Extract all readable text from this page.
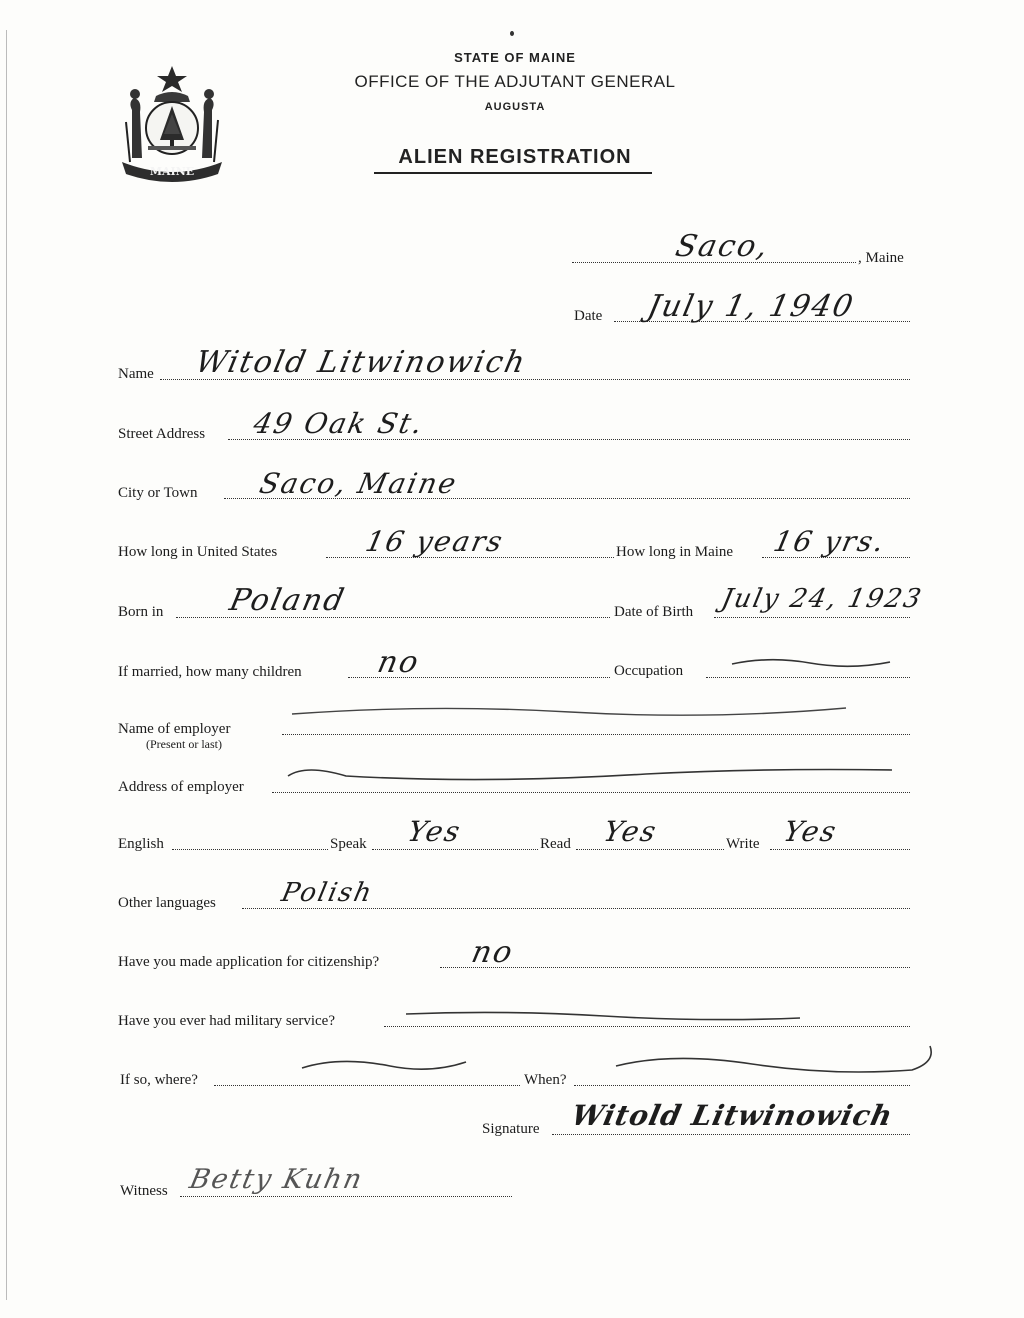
MAINE
STATE OF MAINE
OFFICE OF THE ADJUTANT GENERAL
AUGUSTA
ALIEN REGISTRATION
, Maine
Saco,
Date July 1, 1940
Name Witold Litwinowich
Street Address 49 Oak St.
City or Town Saco, Maine
How long in United States	16 years	How long in Maine 16 yrs.
Born in Poland	Date of Birth July 24, 1923
If married, how many children no	Occupation
Name of employer
(Present or last)
Address of employer
English	Speak Yes	Read Yes	Write Yes
Other languages Polish
Have you made application for citizenship?	no
Have you ever had military service?
If so, where?	When?
Signature Witold Litwinowich
Witness Betty Kuhn
